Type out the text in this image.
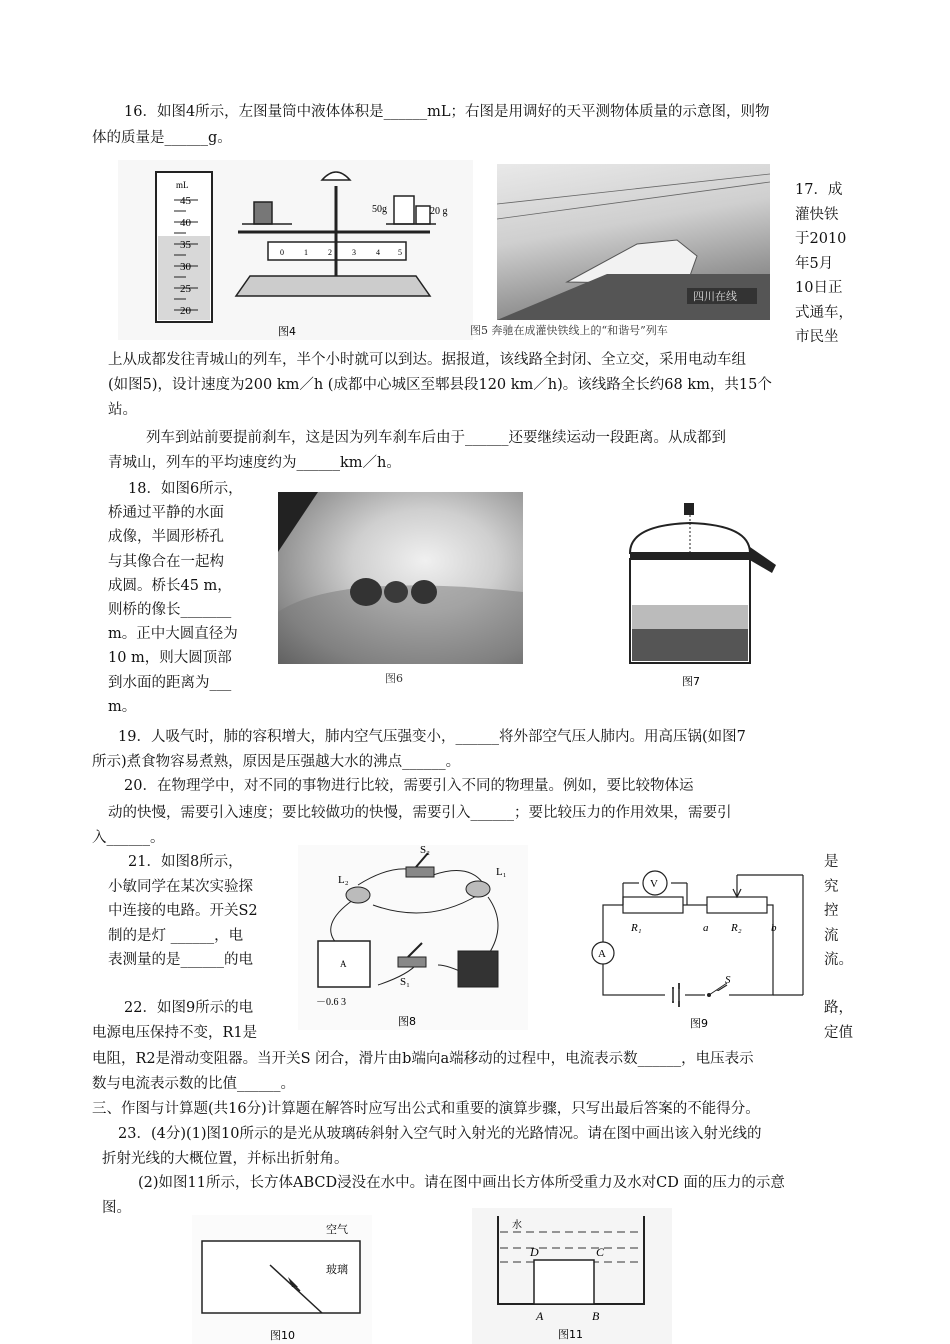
16．如图4所示，左图量筒中液体体积是______mL；右图是用调好的天平测物体质量的示意图，则物
体的质量是______g。
mL
45
40
35
30
25
20
50g	20 g
0	1	2	3	4 5
图4
四川在线
图5 奔驰在成灌快铁线上的“和谐号”列车
17．成
灌快铁
于2010
年5月
10日正
式通车，
市民坐
上从成都发往青城山的列车，半个小时就可以到达。据报道，该线路全封闭、全立交，采用电动车组
(如图5)，设计速度为200 km／h (成都中心城区至郫县段120 km／h)。该线路全长约68 km，共15个
站。
列车到站前要提前刹车，这是因为列车刹车后由于______还要继续运动一段距离。从成都到
青城山，列车的平均速度约为______km／h。
18．如图6所示，
桥通过平静的水面
成像，半圆形桥孔
与其像合在一起构
成圆。桥长45 m，
则桥的像长_______
m。正中大圆直径为
10 m，则大圆顶部
到水面的距离为___
m。
图6	图7
19．人吸气时，肺的容积增大，肺内空气压强变小，______将外部空气压人肺内。用高压锅(如图7
所示)煮食物容易煮熟，原因是压强越大水的沸点______。
20．在物理学中，对不同的事物进行比较，需要引入不同的物理量。例如，要比较物体运
动的快慢，需要引入速度；要比较做功的快慢，需要引入______；要比较压力的作用效果，需要引
入______。
21．如图8所示，
小敏同学在某次实验探
中连接的电路。开关S2
制的是灯 ______，电
表测量的是______的电
是
究
控
流
流。
S₂
L₂
L₁
A
－0.6 3
S₁
图8
V
A
R₁	R₂
a	b
S
图9
22．如图9所示的电	路，
电源电压保持不变，R1是	定值
电阻，R2是滑动变阻器。当开关S 闭合，滑片由b端向a端移动的过程中，电流表示数______，电压表示
数与电流表示数的比值______。
三、作图与计算题(共16分)计算题在解答时应写出公式和重要的演算步骤，只写出最后答案的不能得分。
23．(4分)(1)图10所示的是光从玻璃砖斜射入空气时入射光的光路情况。请在图中画出该入射光线的
折射光线的大概位置，并标出折射角。
(2)如图11所示，长方体ABCD浸没在水中。请在图中画出长方体所受重力及水对CD 面的压力的示意
图。
空气
玻璃
图10
水
D	C
A	B
图11
